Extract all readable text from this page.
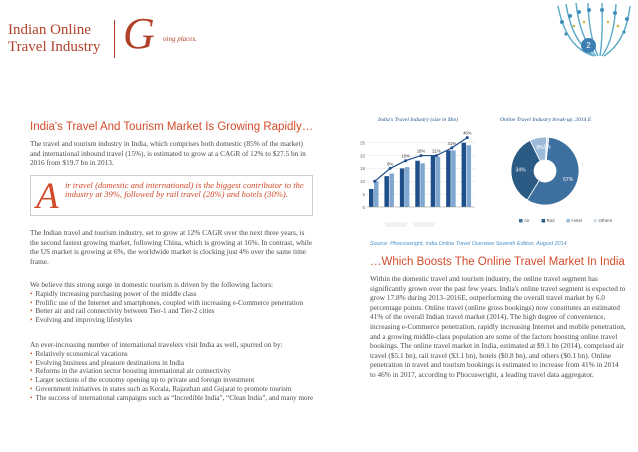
Indian Online
Travel Industry G oing places.
2
India's Travel And Tourism Market Is Growing Rapidly…

The travel and tourism industry in India, which comprises both domestic (85% of the market) and international inbound travel (15%), is estimated to grow at a CAGR of 12% to $27.5 bn in 2016 from $19.7 bn in 2013.

A ir travel (domestic and international) is the biggest contributor to the industry at 39%, followed by rail travel (28%) and hotels (30%).

The Indian travel and tourism industry, set to grow at 12% CAGR over the next three years, is the second fastest growing market, following China, which is growing at 16%. In contrast, while the US market is growing at 6%, the worldwide market is clocking just 4% over the same time frame.

We believe this strong surge in domestic tourism is driven by the following factors:
• Rapidly increasing purchasing power of the middle class
• Prolific use of the Internet and smartphones, coupled with increasing e-Commerce penetration
• Better air and rail connectivity between Tier-1 and Tier-2 cities
• Evolving and improving lifestyles
An ever-increasing number of international travelers visit India as well, spurred on by:
• Relatively economical vacations
• Evolving business and pleasure destinations in India
• Reforms in the aviation sector boosting international air connectivity
• Larger sections of the economy opening up to private and foreign investment
• Government initiatives in states such as Kerala, Rajasthan and Gujarat to promote tourism
• The success of international campaigns such as “Incredible India”, “Clean India”, and many more
India's Travel Industry (size in $bn)	Online Travel Industry break-up, 2014 E
0
5
10
15
20
25
8%
10%
18% 21%
41%
46%
57%
34%
8% 1%
Air	Rail	Hotel	Others
Source: Phocuswright, India Online Travel Overview Seventh Edition, August 2014
…Which Boosts The Online Travel Market In India

Within the domestic travel and tourism industry, the online travel segment has significantly grown over the past few years. India's online travel segment is expected to grow 17.8% during 2013–2016E, outperforming the overall travel market by 6.0 percentage points. Online travel (online gross bookings) now constitutes an estimated 41% of the overall Indian travel market (2014). The high degree of convenience, increasing e-Commerce penetration, rapidly increasing Internet and mobile penetration, and a growing middle-class population are some of the factors boosting online travel bookings. The online travel market in India, estimated at $9.1 bn (2014), comprised air travel ($5.1 bn), rail travel ($3.1 bn), hotels ($0.8 bn), and others ($0.1 bn). Online penetration in travel and tourism bookings is estimated to increase from 41% in 2014 to 46% in 2017, according to Phocuswright, a leading travel data aggregator.
